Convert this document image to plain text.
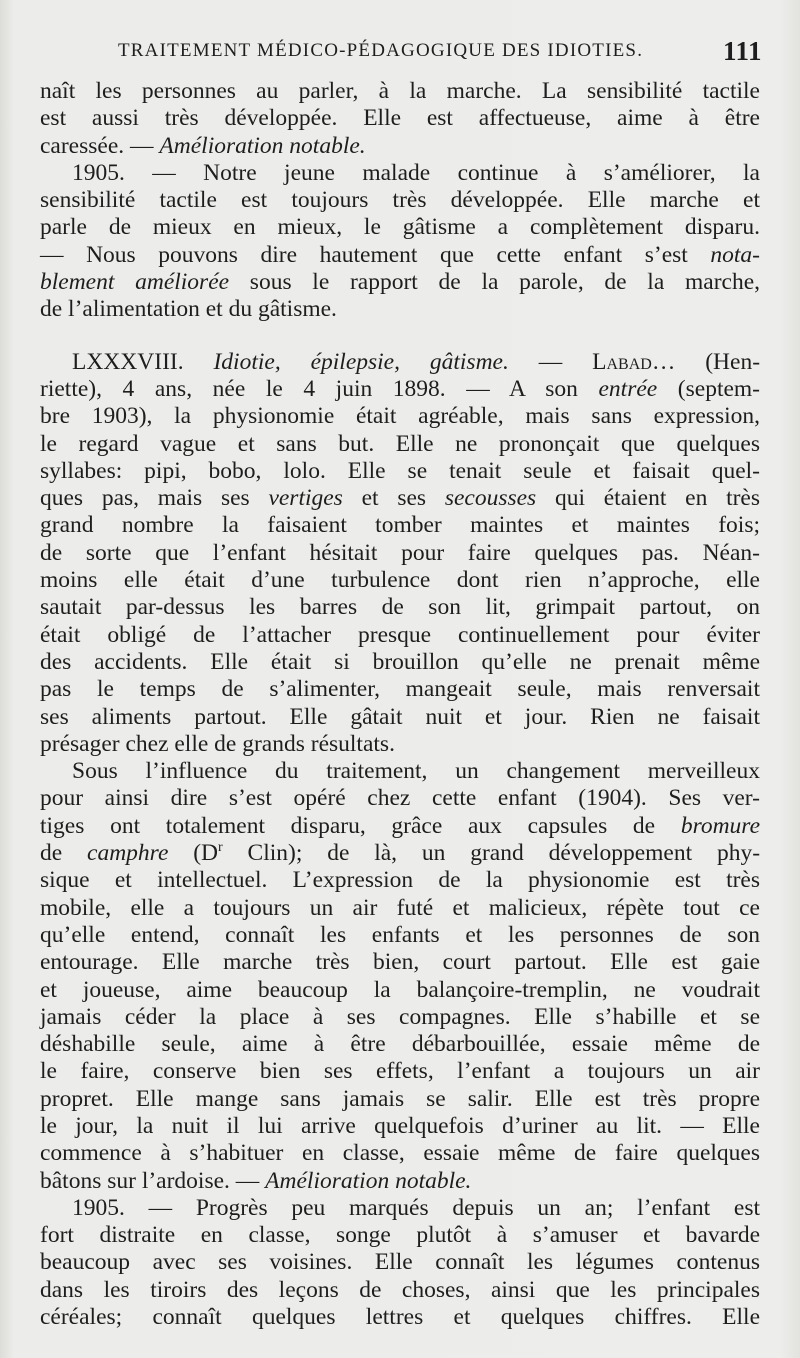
TRAITEMENT MÉDICO-PÉDAGOGIQUE DES IDIOTIES.	111
naît les personnes au parler, à la marche. La sensibilité tactile
est aussi très développée. Elle est affectueuse, aime à être
caressée. — Amélioration notable.
1905. — Notre jeune malade continue à s’améliorer, la
sensibilité tactile est toujours très développée. Elle marche et
parle de mieux en mieux, le gâtisme a complètement disparu.
— Nous pouvons dire hautement que cette enfant s’est nota-
blement améliorée sous le rapport de la parole, de la marche,
de l’alimentation et du gâtisme.
LXXXVIII. Idiotie, épilepsie, gâtisme. — Labad… (Hen-
riette), 4 ans, née le 4 juin 1898. — A son entrée (septem-
bre 1903), la physionomie était agréable, mais sans expression,
le regard vague et sans but. Elle ne prononçait que quelques
syllabes: pipi, bobo, lolo. Elle se tenait seule et faisait quel-
ques pas, mais ses vertiges et ses secousses qui étaient en très
grand nombre la faisaient tomber maintes et maintes fois;
de sorte que l’enfant hésitait pour faire quelques pas. Néan-
moins elle était d’une turbulence dont rien n’approche, elle
sautait par-dessus les barres de son lit, grimpait partout, on
était obligé de l’attacher presque continuellement pour éviter
des accidents. Elle était si brouillon qu’elle ne prenait même
pas le temps de s’alimenter, mangeait seule, mais renversait
ses aliments partout. Elle gâtait nuit et jour. Rien ne faisait
présager chez elle de grands résultats.
Sous l’influence du traitement, un changement merveilleux
pour ainsi dire s’est opéré chez cette enfant (1904). Ses ver-
tiges ont totalement disparu, grâce aux capsules de bromure
de camphre ($D^r$ Clin); de là, un grand développement phy-
sique et intellectuel. L’expression de la physionomie est très
mobile, elle a toujours un air futé et malicieux, répète tout ce
qu’elle entend, connaît les enfants et les personnes de son
entourage. Elle marche très bien, court partout. Elle est gaie
et joueuse, aime beaucoup la balançoire-tremplin, ne voudrait
jamais céder la place à ses compagnes. Elle s’habille et se
déshabille seule, aime à être débarbouillée, essaie même de
le faire, conserve bien ses effets, l’enfant a toujours un air
propret. Elle mange sans jamais se salir. Elle est très propre
le jour, la nuit il lui arrive quelquefois d’uriner au lit. — Elle
commence à s’habituer en classe, essaie même de faire quelques
bâtons sur l’ardoise. — Amélioration notable.
1905. — Progrès peu marqués depuis un an; l’enfant est
fort distraite en classe, songe plutôt à s’amuser et bavarde
beaucoup avec ses voisines. Elle connaît les légumes contenus
dans les tiroirs des leçons de choses, ainsi que les principales
céréales; connaît quelques lettres et quelques chiffres. Elle
